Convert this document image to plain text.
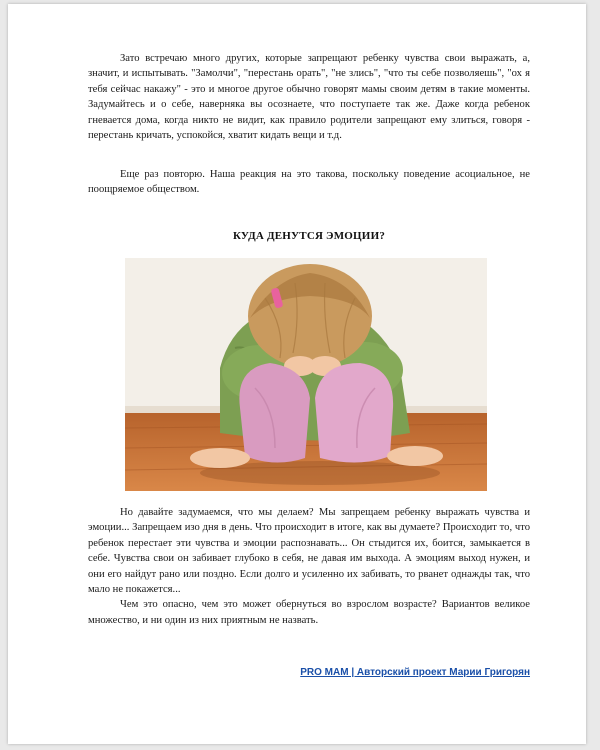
Зато встречаю много других, которые запрещают ребенку чувства свои выражать, а, значит, и испытывать. "Замолчи", "перестань орать", "не злись", "что ты себе позволяешь", "ох я тебя сейчас накажу" - это и многое другое обычно говорят мамы своим детям в такие моменты. Задумайтесь и о себе, наверняка вы осознаете, что поступаете так же. Даже когда ребенок гневается дома, когда никто не видит, как правило родители запрещают ему злиться, говоря - перестань кричать, успокойся, хватит кидать вещи и т.д.

Еще раз повторю. Наша реакция на это такова, поскольку поведение асоциальное, не поощряемое обществом.

КУДА ДЕНУТСЯ ЭМОЦИИ?

Но давайте задумаемся, что мы делаем? Мы запрещаем ребенку выражать чувства и эмоции... Запрещаем изо дня в день. Что происходит в итоге, как вы думаете? Происходит то, что ребенок перестает эти чувства и эмоции распознавать... Он стыдится их, боится, замыкается в себе. Чувства свои он забивает глубоко в себя, не давая им выхода. А эмоциям выход нужен, и они его найдут рано или поздно. Если долго и усиленно их забивать, то рванет однажды так, что мало не покажется...

Чем это опасно, чем это может обернуться во взрослом возрасте? Вариантов великое множество, и ни один из них приятным не назвать.

PRO МАМ | Авторский проект Марии Григорян
